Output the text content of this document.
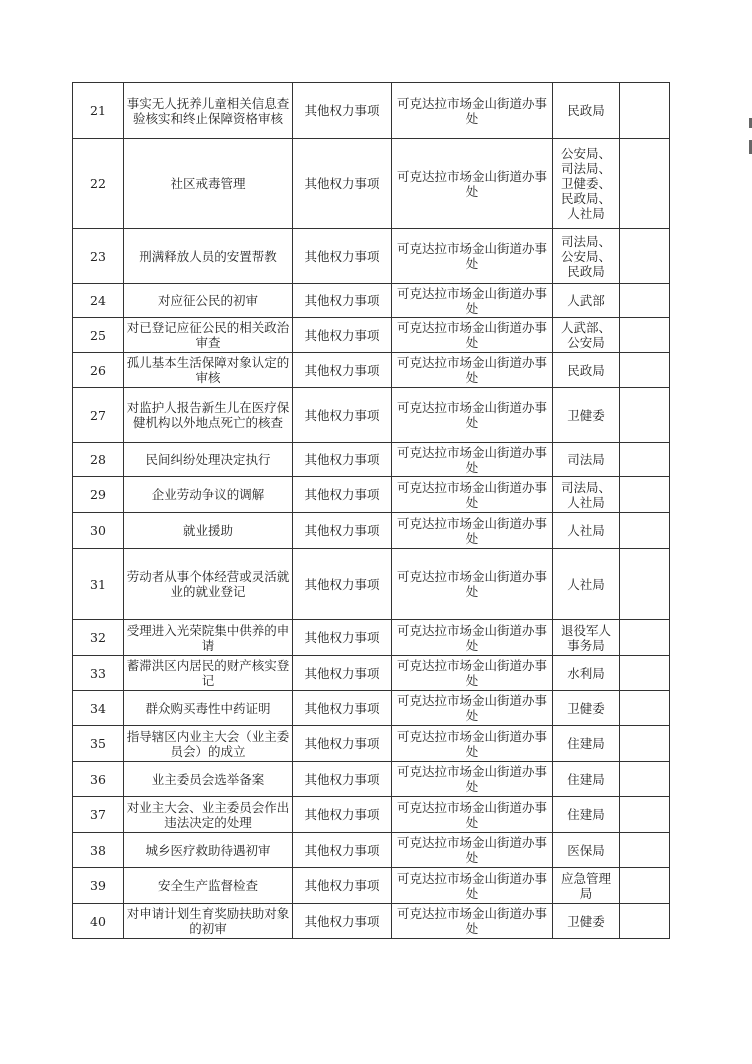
21	事实无人抚养儿童相关信息查验核实和终止保障资格审核	其他权力事项	可克达拉市场金山街道办事处	民政局	
22	社区戒毒管理	其他权力事项	可克达拉市场金山街道办事处	公安局、司法局、卫健委、民政局、人社局	
23	刑满释放人员的安置帮教	其他权力事项	可克达拉市场金山街道办事处	司法局、公安局、民政局	
24	对应征公民的初审	其他权力事项	可克达拉市场金山街道办事处	人武部	
25	对已登记应征公民的相关政治审查	其他权力事项	可克达拉市场金山街道办事处	人武部、公安局	
26	孤儿基本生活保障对象认定的审核	其他权力事项	可克达拉市场金山街道办事处	民政局	
27	对监护人报告新生儿在医疗保健机构以外地点死亡的核查	其他权力事项	可克达拉市场金山街道办事处	卫健委	
28	民间纠纷处理决定执行	其他权力事项	可克达拉市场金山街道办事处	司法局	
29	企业劳动争议的调解	其他权力事项	可克达拉市场金山街道办事处	司法局、人社局	
30	就业援助	其他权力事项	可克达拉市场金山街道办事处	人社局	
31	劳动者从事个体经营或灵活就业的就业登记	其他权力事项	可克达拉市场金山街道办事处	人社局	
32	受理进入光荣院集中供养的申请	其他权力事项	可克达拉市场金山街道办事处	退役军人事务局	
33	蓄滞洪区内居民的财产核实登记	其他权力事项	可克达拉市场金山街道办事处	水利局	
34	群众购买毒性中药证明	其他权力事项	可克达拉市场金山街道办事处	卫健委	
35	指导辖区内业主大会（业主委员会）的成立	其他权力事项	可克达拉市场金山街道办事处	住建局	
36	业主委员会选举备案	其他权力事项	可克达拉市场金山街道办事处	住建局	
37	对业主大会、业主委员会作出违法决定的处理	其他权力事项	可克达拉市场金山街道办事处	住建局	
38	城乡医疗救助待遇初审	其他权力事项	可克达拉市场金山街道办事处	医保局	
39	安全生产监督检查	其他权力事项	可克达拉市场金山街道办事处	应急管理局	
40	对申请计划生育奖励扶助对象的初审	其他权力事项	可克达拉市场金山街道办事处	卫健委	
